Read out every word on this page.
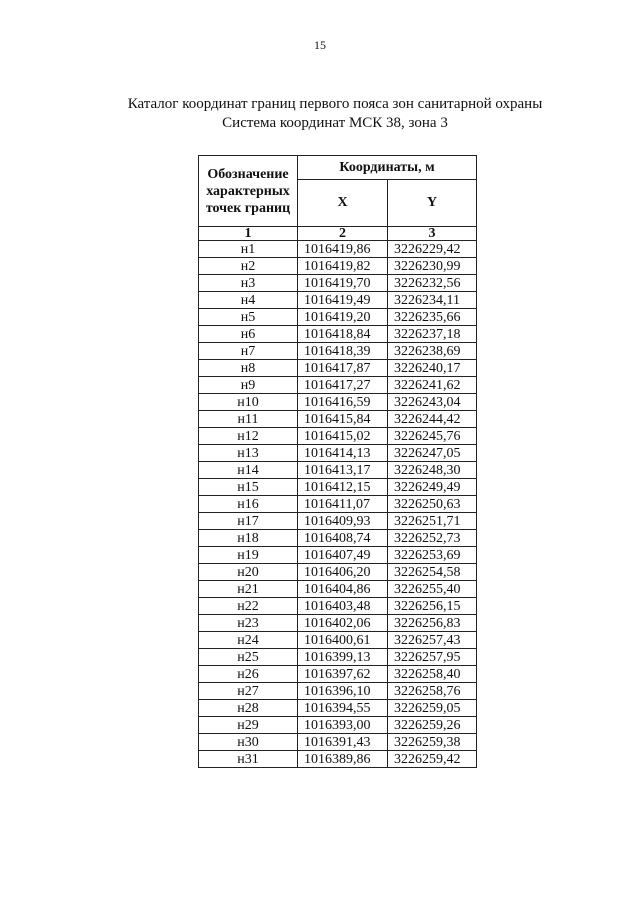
15
Каталог координат границ первого пояса зон санитарной охраны
Система координат МСК 38, зона 3
Обозначение характерных точек границ	Координаты, м	
	X	Y
1	2	3
н1	1016419,86	3226229,42
н2	1016419,82	3226230,99
н3	1016419,70	3226232,56
н4	1016419,49	3226234,11
н5	1016419,20	3226235,66
н6	1016418,84	3226237,18
н7	1016418,39	3226238,69
н8	1016417,87	3226240,17
н9	1016417,27	3226241,62
н10	1016416,59	3226243,04
н11	1016415,84	3226244,42
н12	1016415,02	3226245,76
н13	1016414,13	3226247,05
н14	1016413,17	3226248,30
н15	1016412,15	3226249,49
н16	1016411,07	3226250,63
н17	1016409,93	3226251,71
н18	1016408,74	3226252,73
н19	1016407,49	3226253,69
н20	1016406,20	3226254,58
н21	1016404,86	3226255,40
н22	1016403,48	3226256,15
н23	1016402,06	3226256,83
н24	1016400,61	3226257,43
н25	1016399,13	3226257,95
н26	1016397,62	3226258,40
н27	1016396,10	3226258,76
н28	1016394,55	3226259,05
н29	1016393,00	3226259,26
н30	1016391,43	3226259,38
н31	1016389,86	3226259,42
